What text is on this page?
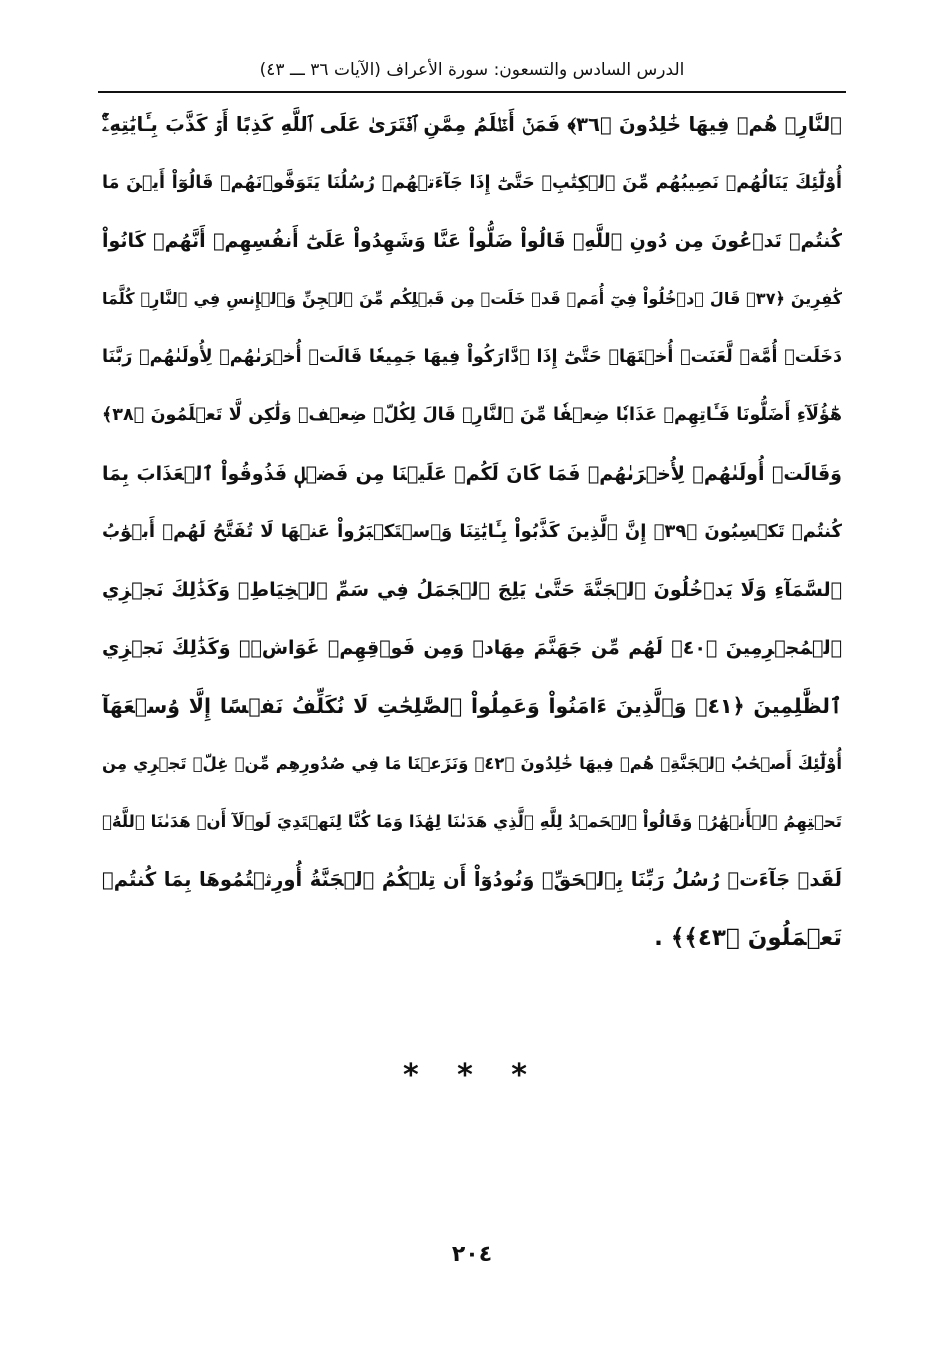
الدرس السادس والتسعون: سورة الأعراف (الآيات ٣٦ ـــ ٤٣)
ٱلنَّارِۖ هُمۡ فِيهَا خَٰلِدُونَ ﴿٣٦﴾ فَمَنۡ أَظۡلَمُ مِمَّنِ ٱفۡتَرَىٰ عَلَى ٱللَّهِ كَذِبًا أَوۡ كَذَّبَ بِـَٔايَٰتِهِۦٓۚ
أُوْلَٰٓئِكَ يَنَالُهُمۡ نَصِيبُهُم مِّنَ ٱلۡكِتَٰبِۖ حَتَّىٰٓ إِذَا جَآءَتۡهُمۡ رُسُلُنَا يَتَوَفَّوۡنَهُمۡ قَالُوٓاْ أَيۡنَ مَا
كُنتُمۡ تَدۡعُونَ مِن دُونِ ٱللَّهِۖ قَالُواْ ضَلُّواْ عَنَّا وَشَهِدُواْ عَلَىٰٓ أَنفُسِهِمۡ أَنَّهُمۡ كَانُواْ
كَٰفِرِينَ ﴿٣٧﴾ قَالَ ٱدۡخُلُواْ فِيٓ أُمَمٖ قَدۡ خَلَتۡ مِن قَبۡلِكُم مِّنَ ٱلۡجِنِّ وَٱلۡإِنسِ فِي ٱلنَّارِۖ كُلَّمَا
دَخَلَتۡ أُمَّةٞ لَّعَنَتۡ أُخۡتَهَاۖ حَتَّىٰٓ إِذَا ٱدَّارَكُواْ فِيهَا جَمِيعٗا قَالَتۡ أُخۡرَىٰهُمۡ لِأُولَىٰهُمۡ رَبَّنَا
هَٰٓؤُلَآءِ أَضَلُّونَا فَـَٔاتِهِمۡ عَذَابٗا ضِعۡفٗا مِّنَ ٱلنَّارِۖ قَالَ لِكُلّٖ ضِعۡفٞ وَلَٰكِن لَّا تَعۡلَمُونَ ﴿٣٨﴾
وَقَالَتۡ أُولَىٰهُمۡ لِأُخۡرَىٰهُمۡ فَمَا كَانَ لَكُمۡ عَلَيۡنَا مِن فَضۡلٖ فَذُوقُواْ ٱلۡعَذَابَ بِمَا
كُنتُمۡ تَكۡسِبُونَ ﴿٣٩﴾ إِنَّ ٱلَّذِينَ كَذَّبُواْ بِـَٔايَٰتِنَا وَٱسۡتَكۡبَرُواْ عَنۡهَا لَا تُفَتَّحُ لَهُمۡ أَبۡوَٰبُ
ٱلسَّمَآءِ وَلَا يَدۡخُلُونَ ٱلۡجَنَّةَ حَتَّىٰ يَلِجَ ٱلۡجَمَلُ فِي سَمِّ ٱلۡخِيَاطِۚ وَكَذَٰلِكَ نَجۡزِي
ٱلۡمُجۡرِمِينَ ﴿٤٠﴾ لَهُم مِّن جَهَنَّمَ مِهَادٞ وَمِن فَوۡقِهِمۡ غَوَاشٖۚ وَكَذَٰلِكَ نَجۡزِي
ٱلظَّٰلِمِينَ ﴿٤١﴾ وَٱلَّذِينَ ءَامَنُواْ وَعَمِلُواْ ٱلصَّٰلِحَٰتِ لَا نُكَلِّفُ نَفۡسًا إِلَّا وُسۡعَهَآ
أُوْلَٰٓئِكَ أَصۡحَٰبُ ٱلۡجَنَّةِۖ هُمۡ فِيهَا خَٰلِدُونَ ﴿٤٢﴾ وَنَزَعۡنَا مَا فِي صُدُورِهِم مِّنۡ غِلّٖ تَجۡرِي مِن
تَحۡتِهِمُ ٱلۡأَنۡهَٰرُۖ وَقَالُواْ ٱلۡحَمۡدُ لِلَّهِ ٱلَّذِي هَدَىٰنَا لِهَٰذَا وَمَا كُنَّا لِنَهۡتَدِيَ لَوۡلَآ أَنۡ هَدَىٰنَا ٱللَّهُۖ
لَقَدۡ جَآءَتۡ رُسُلُ رَبِّنَا بِٱلۡحَقِّۖ وَنُودُوٓاْ أَن تِلۡكُمُ ٱلۡجَنَّةُ أُورِثۡتُمُوهَا بِمَا كُنتُمۡ
تَعۡمَلُونَ ﴿٤٣﴾﴾ .
* * *
٢٠٤
